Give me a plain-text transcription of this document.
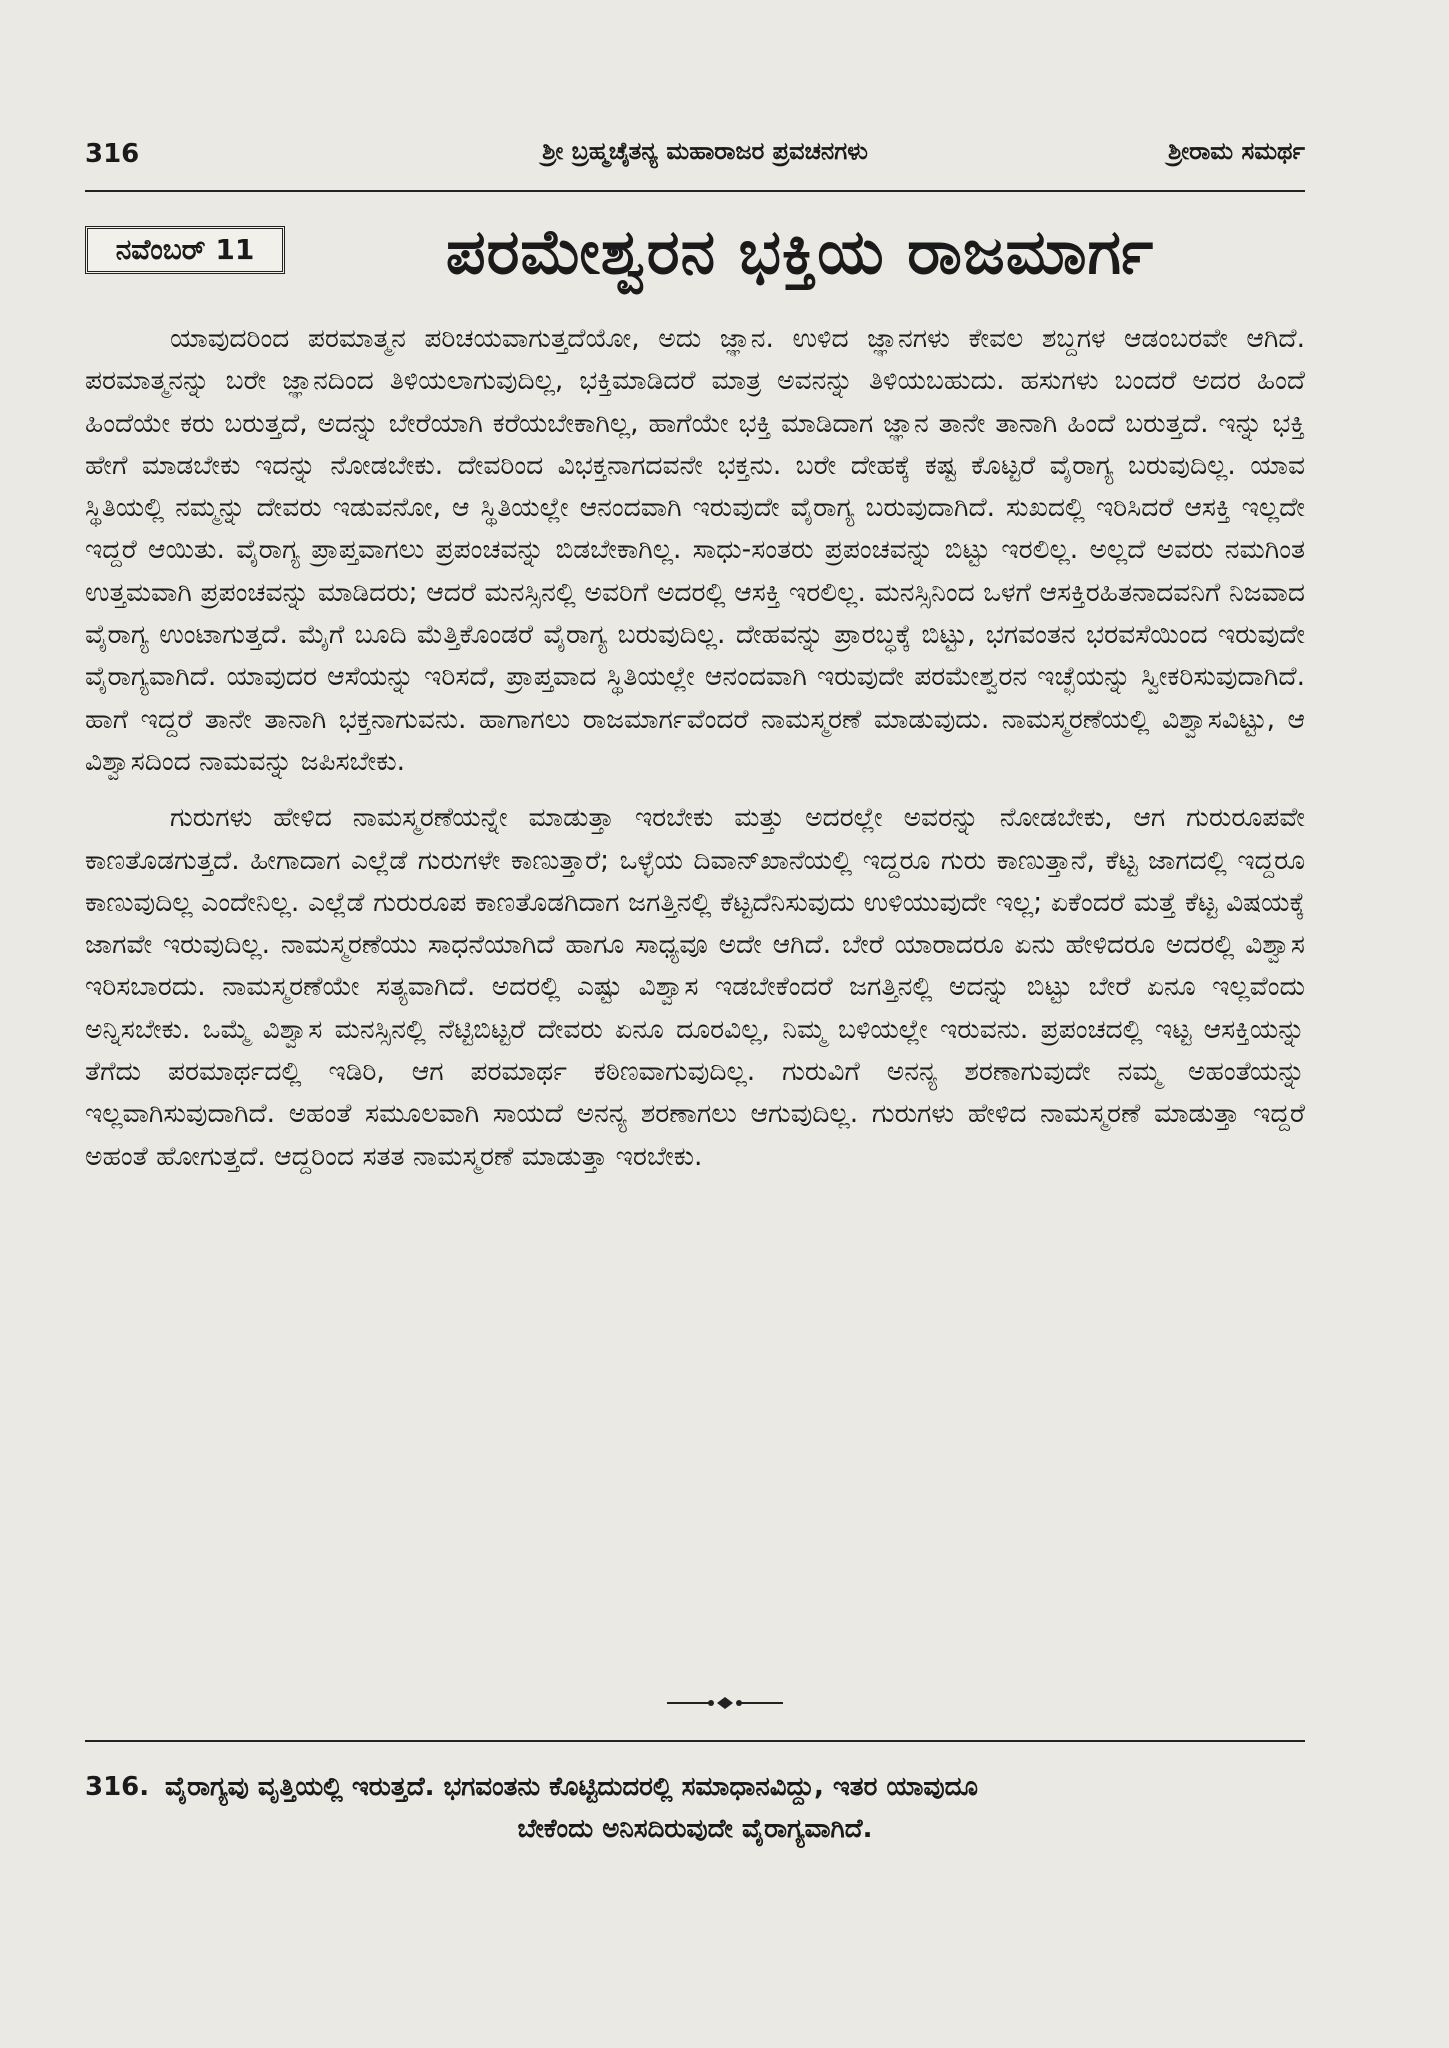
316	ಶ್ರೀ ಬ್ರಹ್ಮಚೈತನ್ಯ ಮಹಾರಾಜರ ಪ್ರವಚನಗಳು	ಶ್ರೀರಾಮ ಸಮರ್ಥ
ನವೆಂಬರ್ 11	ಪರಮೇಶ್ವರನ ಭಕ್ತಿಯ ರಾಜಮಾರ್ಗ

ಯಾವುದರಿಂದ ಪರಮಾತ್ಮನ ಪರಿಚಯವಾಗುತ್ತದೆಯೋ, ಅದು ಜ್ಞಾನ. ಉಳಿದ ಜ್ಞಾನಗಳು ಕೇವಲ ಶಬ್ದಗಳ ಆಡಂಬರವೇ ಆಗಿದೆ. ಪರಮಾತ್ಮನನ್ನು ಬರೇ ಜ್ಞಾನದಿಂದ ತಿಳಿಯಲಾಗುವುದಿಲ್ಲ, ಭಕ್ತಿಮಾಡಿದರೆ ಮಾತ್ರ ಅವನನ್ನು ತಿಳಿಯಬಹುದು. ಹಸುಗಳು ಬಂದರೆ ಅದರ ಹಿಂದೆ ಹಿಂದೆಯೇ ಕರು ಬರುತ್ತದೆ, ಅದನ್ನು ಬೇರೆಯಾಗಿ ಕರೆಯಬೇಕಾಗಿಲ್ಲ, ಹಾಗೆಯೇ ಭಕ್ತಿ ಮಾಡಿದಾಗ ಜ್ಞಾನ ತಾನೇ ತಾನಾಗಿ ಹಿಂದೆ ಬರುತ್ತದೆ. ಇನ್ನು ಭಕ್ತಿ ಹೇಗೆ ಮಾಡಬೇಕು ಇದನ್ನು ನೋಡಬೇಕು. ದೇವರಿಂದ ವಿಭಕ್ತನಾಗದವನೇ ಭಕ್ತನು. ಬರೇ ದೇಹಕ್ಕೆ ಕಷ್ಟ ಕೊಟ್ಟರೆ ವೈರಾಗ್ಯ ಬರುವುದಿಲ್ಲ. ಯಾವ ಸ್ಥಿತಿಯಲ್ಲಿ ನಮ್ಮನ್ನು ದೇವರು ಇಡುವನೋ, ಆ ಸ್ಥಿತಿಯಲ್ಲೇ ಆನಂದವಾಗಿ ಇರುವುದೇ ವೈರಾಗ್ಯ ಬರುವುದಾಗಿದೆ. ಸುಖದಲ್ಲಿ ಇರಿಸಿದರೆ ಆಸಕ್ತಿ ಇಲ್ಲದೇ ಇದ್ದರೆ ಆಯಿತು. ವೈರಾಗ್ಯ ಪ್ರಾಪ್ತವಾಗಲು ಪ್ರಪಂಚವನ್ನು ಬಿಡಬೇಕಾಗಿಲ್ಲ. ಸಾಧು-ಸಂತರು ಪ್ರಪಂಚವನ್ನು ಬಿಟ್ಟು ಇರಲಿಲ್ಲ. ಅಲ್ಲದೆ ಅವರು ನಮಗಿಂತ ಉತ್ತಮವಾಗಿ ಪ್ರಪಂಚವನ್ನು ಮಾಡಿದರು; ಆದರೆ ಮನಸ್ಸಿನಲ್ಲಿ ಅವರಿಗೆ ಅದರಲ್ಲಿ ಆಸಕ್ತಿ ಇರಲಿಲ್ಲ. ಮನಸ್ಸಿನಿಂದ ಒಳಗೆ ಆಸಕ್ತಿರಹಿತನಾದವನಿಗೆ ನಿಜವಾದ ವೈರಾಗ್ಯ ಉಂಟಾಗುತ್ತದೆ. ಮೈಗೆ ಬೂದಿ ಮೆತ್ತಿಕೊಂಡರೆ ವೈರಾಗ್ಯ ಬರುವುದಿಲ್ಲ. ದೇಹವನ್ನು ಪ್ರಾರಬ್ಧಕ್ಕೆ ಬಿಟ್ಟು, ಭಗವಂತನ ಭರವಸೆಯಿಂದ ಇರುವುದೇ ವೈರಾಗ್ಯವಾಗಿದೆ. ಯಾವುದರ ಆಸೆಯನ್ನು ಇರಿಸದೆ, ಪ್ರಾಪ್ತವಾದ ಸ್ಥಿತಿಯಲ್ಲೇ ಆನಂದವಾಗಿ ಇರುವುದೇ ಪರಮೇಶ್ವರನ ಇಚ್ಛೆಯನ್ನು ಸ್ವೀಕರಿಸುವುದಾಗಿದೆ. ಹಾಗೆ ಇದ್ದರೆ ತಾನೇ ತಾನಾಗಿ ಭಕ್ತನಾಗುವನು. ಹಾಗಾಗಲು ರಾಜಮಾರ್ಗವೆಂದರೆ ನಾಮಸ್ಮರಣೆ ಮಾಡುವುದು. ನಾಮಸ್ಮರಣೆಯಲ್ಲಿ ವಿಶ್ವಾಸವಿಟ್ಟು, ಆ ವಿಶ್ವಾಸದಿಂದ ನಾಮವನ್ನು ಜಪಿಸಬೇಕು.

ಗುರುಗಳು ಹೇಳಿದ ನಾಮಸ್ಮರಣೆಯನ್ನೇ ಮಾಡುತ್ತಾ ಇರಬೇಕು ಮತ್ತು ಅದರಲ್ಲೇ ಅವರನ್ನು ನೋಡಬೇಕು, ಆಗ ಗುರುರೂಪವೇ ಕಾಣತೊಡಗುತ್ತದೆ. ಹೀಗಾದಾಗ ಎಲ್ಲೆಡೆ ಗುರುಗಳೇ ಕಾಣುತ್ತಾರೆ; ಒಳ್ಳೆಯ ದಿವಾನ್‌ಖಾನೆಯಲ್ಲಿ ಇದ್ದರೂ ಗುರು ಕಾಣುತ್ತಾನೆ, ಕೆಟ್ಟ ಜಾಗದಲ್ಲಿ ಇದ್ದರೂ ಕಾಣುವುದಿಲ್ಲ ಎಂದೇನಿಲ್ಲ. ಎಲ್ಲೆಡೆ ಗುರುರೂಪ ಕಾಣತೊಡಗಿದಾಗ ಜಗತ್ತಿನಲ್ಲಿ ಕೆಟ್ಟದೆನಿಸುವುದು ಉಳಿಯುವುದೇ ಇಲ್ಲ; ಏಕೆಂದರೆ ಮತ್ತೆ ಕೆಟ್ಟ ವಿಷಯಕ್ಕೆ ಜಾಗವೇ ಇರುವುದಿಲ್ಲ. ನಾಮಸ್ಮರಣೆಯು ಸಾಧನೆಯಾಗಿದೆ ಹಾಗೂ ಸಾಧ್ಯವೂ ಅದೇ ಆಗಿದೆ. ಬೇರೆ ಯಾರಾದರೂ ಏನು ಹೇಳಿದರೂ ಅದರಲ್ಲಿ ವಿಶ್ವಾಸ ಇರಿಸಬಾರದು. ನಾಮಸ್ಮರಣೆಯೇ ಸತ್ಯವಾಗಿದೆ. ಅದರಲ್ಲಿ ಎಷ್ಟು ವಿಶ್ವಾಸ ಇಡಬೇಕೆಂದರೆ ಜಗತ್ತಿನಲ್ಲಿ ಅದನ್ನು ಬಿಟ್ಟು ಬೇರೆ ಏನೂ ಇಲ್ಲವೆಂದು ಅನ್ನಿಸಬೇಕು. ಒಮ್ಮೆ ವಿಶ್ವಾಸ ಮನಸ್ಸಿನಲ್ಲಿ ನೆಟ್ಟಿಬಿಟ್ಟರೆ ದೇವರು ಏನೂ ದೂರವಿಲ್ಲ, ನಿಮ್ಮ ಬಳಿಯಲ್ಲೇ ಇರುವನು. ಪ್ರಪಂಚದಲ್ಲಿ ಇಟ್ಟ ಆಸಕ್ತಿಯನ್ನು ತೆಗೆದು ಪರಮಾರ್ಥದಲ್ಲಿ ಇಡಿರಿ, ಆಗ ಪರಮಾರ್ಥ ಕಠಿಣವಾಗುವುದಿಲ್ಲ. ಗುರುವಿಗೆ ಅನನ್ಯ ಶರಣಾಗುವುದೇ ನಮ್ಮ ಅಹಂತೆಯನ್ನು ಇಲ್ಲವಾಗಿಸುವುದಾಗಿದೆ. ಅಹಂತೆ ಸಮೂಲವಾಗಿ ಸಾಯದೆ ಅನನ್ಯ ಶರಣಾಗಲು ಆಗುವುದಿಲ್ಲ. ಗುರುಗಳು ಹೇಳಿದ ನಾಮಸ್ಮರಣೆ ಮಾಡುತ್ತಾ ಇದ್ದರೆ ಅಹಂತೆ ಹೋಗುತ್ತದೆ. ಆದ್ದರಿಂದ ಸತತ ನಾಮಸ್ಮರಣೆ ಮಾಡುತ್ತಾ ಇರಬೇಕು.

316. ವೈರಾಗ್ಯವು ವೃತ್ತಿಯಲ್ಲಿ ಇರುತ್ತದೆ. ಭಗವಂತನು ಕೊಟ್ಟಿದುದರಲ್ಲಿ ಸಮಾಧಾನವಿದ್ದು, ಇತರ ಯಾವುದೂ
ಬೇಕೆಂದು ಅನಿಸದಿರುವುದೇ ವೈರಾಗ್ಯವಾಗಿದೆ.
